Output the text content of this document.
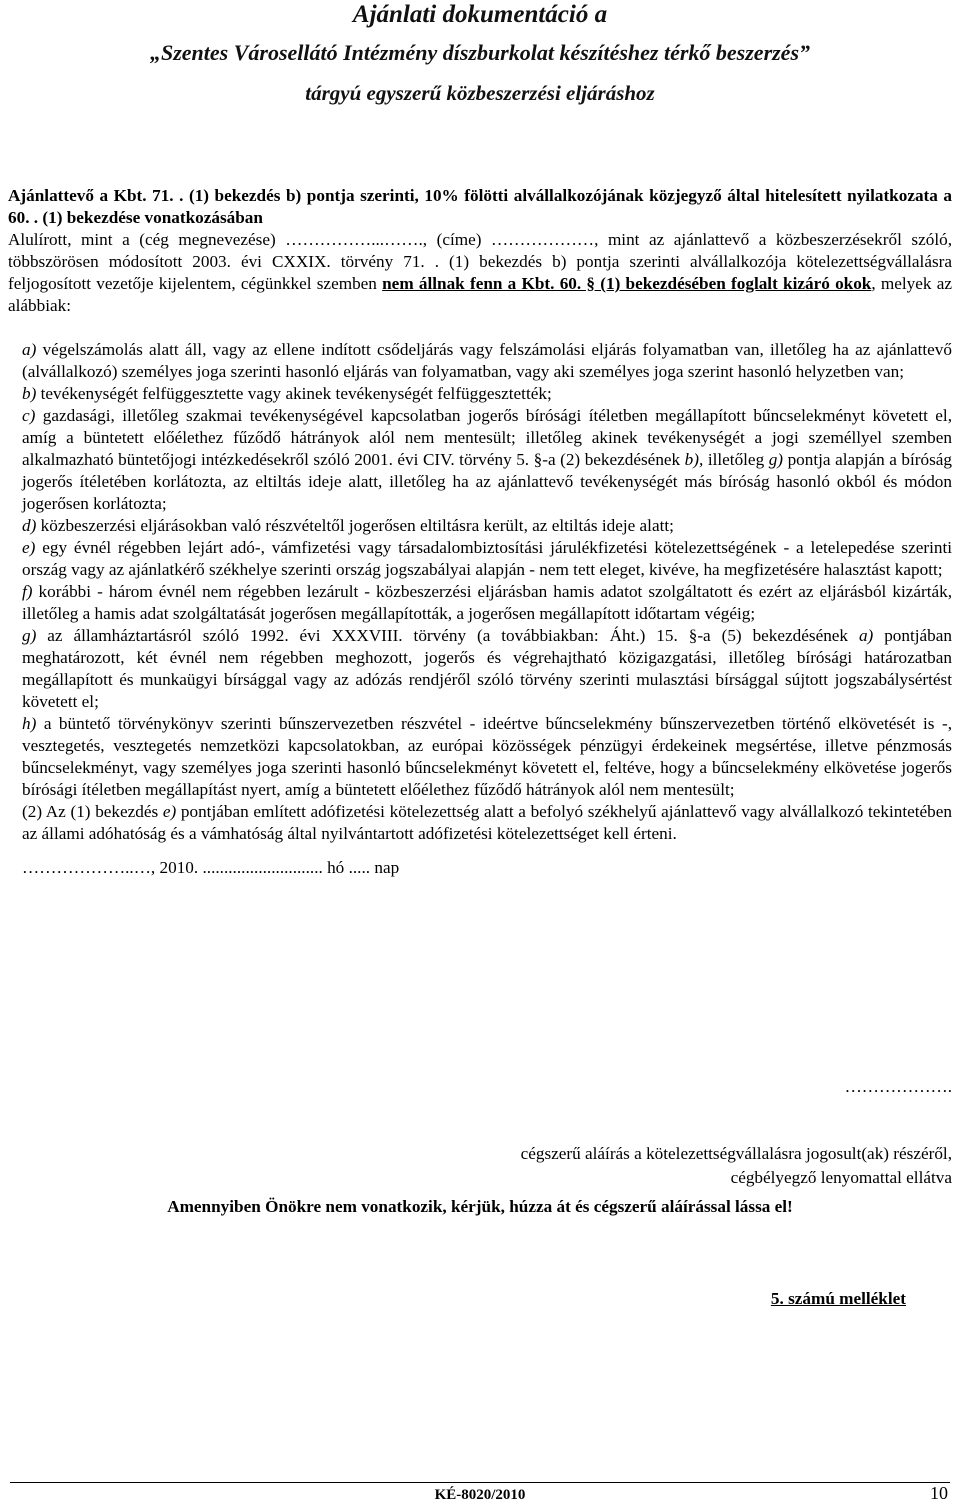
Ajánlati dokumentáció a
„Szentes Városellátó Intézmény díszburkolat készítéshez térkő beszerzés”
tárgyú egyszerű közbeszerzési eljáráshoz

Ajánlattevő a Kbt. 71. . (1) bekezdés b) pontja szerinti, 10% fölötti alvállalkozójának közjegyző által hitelesített nyilatkozata a 60. . (1) bekezdése vonatkozásában

Alulírott, mint a (cég megnevezése) ……………...……., (címe) ………………, mint az ajánlattevő a közbeszerzésekről szóló, többszörösen módosított 2003. évi CXXIX. törvény 71. . (1) bekezdés b) pontja szerinti alvállalkozója kötelezettségvállalásra feljogosított vezetője kijelentem, cégünkkel szemben nem állnak fenn a Kbt. 60. § (1) bekezdésében foglalt kizáró okok, melyek az alábbiak:

a) végelszámolás alatt áll, vagy az ellene indított csődeljárás vagy felszámolási eljárás folyamatban van, illetőleg ha az ajánlattevő (alvállalkozó) személyes joga szerinti hasonló eljárás van folyamatban, vagy aki személyes joga szerint hasonló helyzetben van;

b) tevékenységét felfüggesztette vagy akinek tevékenységét felfüggesztették;

c) gazdasági, illetőleg szakmai tevékenységével kapcsolatban jogerős bírósági ítéletben megállapított bűncselekményt követett el, amíg a büntetett előélethez fűződő hátrányok alól nem mentesült; illetőleg akinek tevékenységét a jogi személlyel szemben alkalmazható büntetőjogi intézkedésekről szóló 2001. évi CIV. törvény 5. §-a (2) bekezdésének b), illetőleg g) pontja alapján a bíróság jogerős ítéletében korlátozta, az eltiltás ideje alatt, illetőleg ha az ajánlattevő tevékenységét más bíróság hasonló okból és módon jogerősen korlátozta;

d) közbeszerzési eljárásokban való részvételtől jogerősen eltiltásra került, az eltiltás ideje alatt;

e) egy évnél régebben lejárt adó-, vámfizetési vagy társadalombiztosítási járulékfizetési kötelezettségének - a letelepedése szerinti ország vagy az ajánlatkérő székhelye szerinti ország jogszabályai alapján - nem tett eleget, kivéve, ha megfizetésére halasztást kapott;

f) korábbi - három évnél nem régebben lezárult - közbeszerzési eljárásban hamis adatot szolgáltatott és ezért az eljárásból kizárták, illetőleg a hamis adat szolgáltatását jogerősen megállapították, a jogerősen megállapított időtartam végéig;

g) az államháztartásról szóló 1992. évi XXXVIII. törvény (a továbbiakban: Áht.) 15. §-a (5) bekezdésének a) pontjában meghatározott, két évnél nem régebben meghozott, jogerős és végrehajtható közigazgatási, illetőleg bírósági határozatban megállapított és munkaügyi bírsággal vagy az adózás rendjéről szóló törvény szerinti mulasztási bírsággal sújtott jogszabálysértést követett el;

h) a büntető törvénykönyv szerinti bűnszervezetben részvétel - ideértve bűncselekmény bűnszervezetben történő elkövetését is -, vesztegetés, vesztegetés nemzetközi kapcsolatokban, az európai közösségek pénzügyi érdekeinek megsértése, illetve pénzmosás bűncselekményt, vagy személyes joga szerinti hasonló bűncselekményt követett el, feltéve, hogy a bűncselekmény elkövetése jogerős bírósági ítéletben megállapítást nyert, amíg a büntetett előélethez fűződő hátrányok alól nem mentesült;

(2) Az (1) bekezdés e) pontjában említett adófizetési kötelezettség alatt a befolyó székhelyű ajánlattevő vagy alvállalkozó tekintetében az állami adóhatóság és a vámhatóság által nyilvántartott adófizetési kötelezettséget kell érteni.

………………..…, 2010. ............................ hó ..... nap

……………….
cégszerű aláírás a kötelezettségvállalásra jogosult(ak) részéről,
cégbélyegző lenyomattal ellátva
Amennyiben Önökre nem vonatkozik, kérjük, húzza át és cégszerű aláírással lássa el!
5. számú melléklet
KÉ-8020/2010	10
